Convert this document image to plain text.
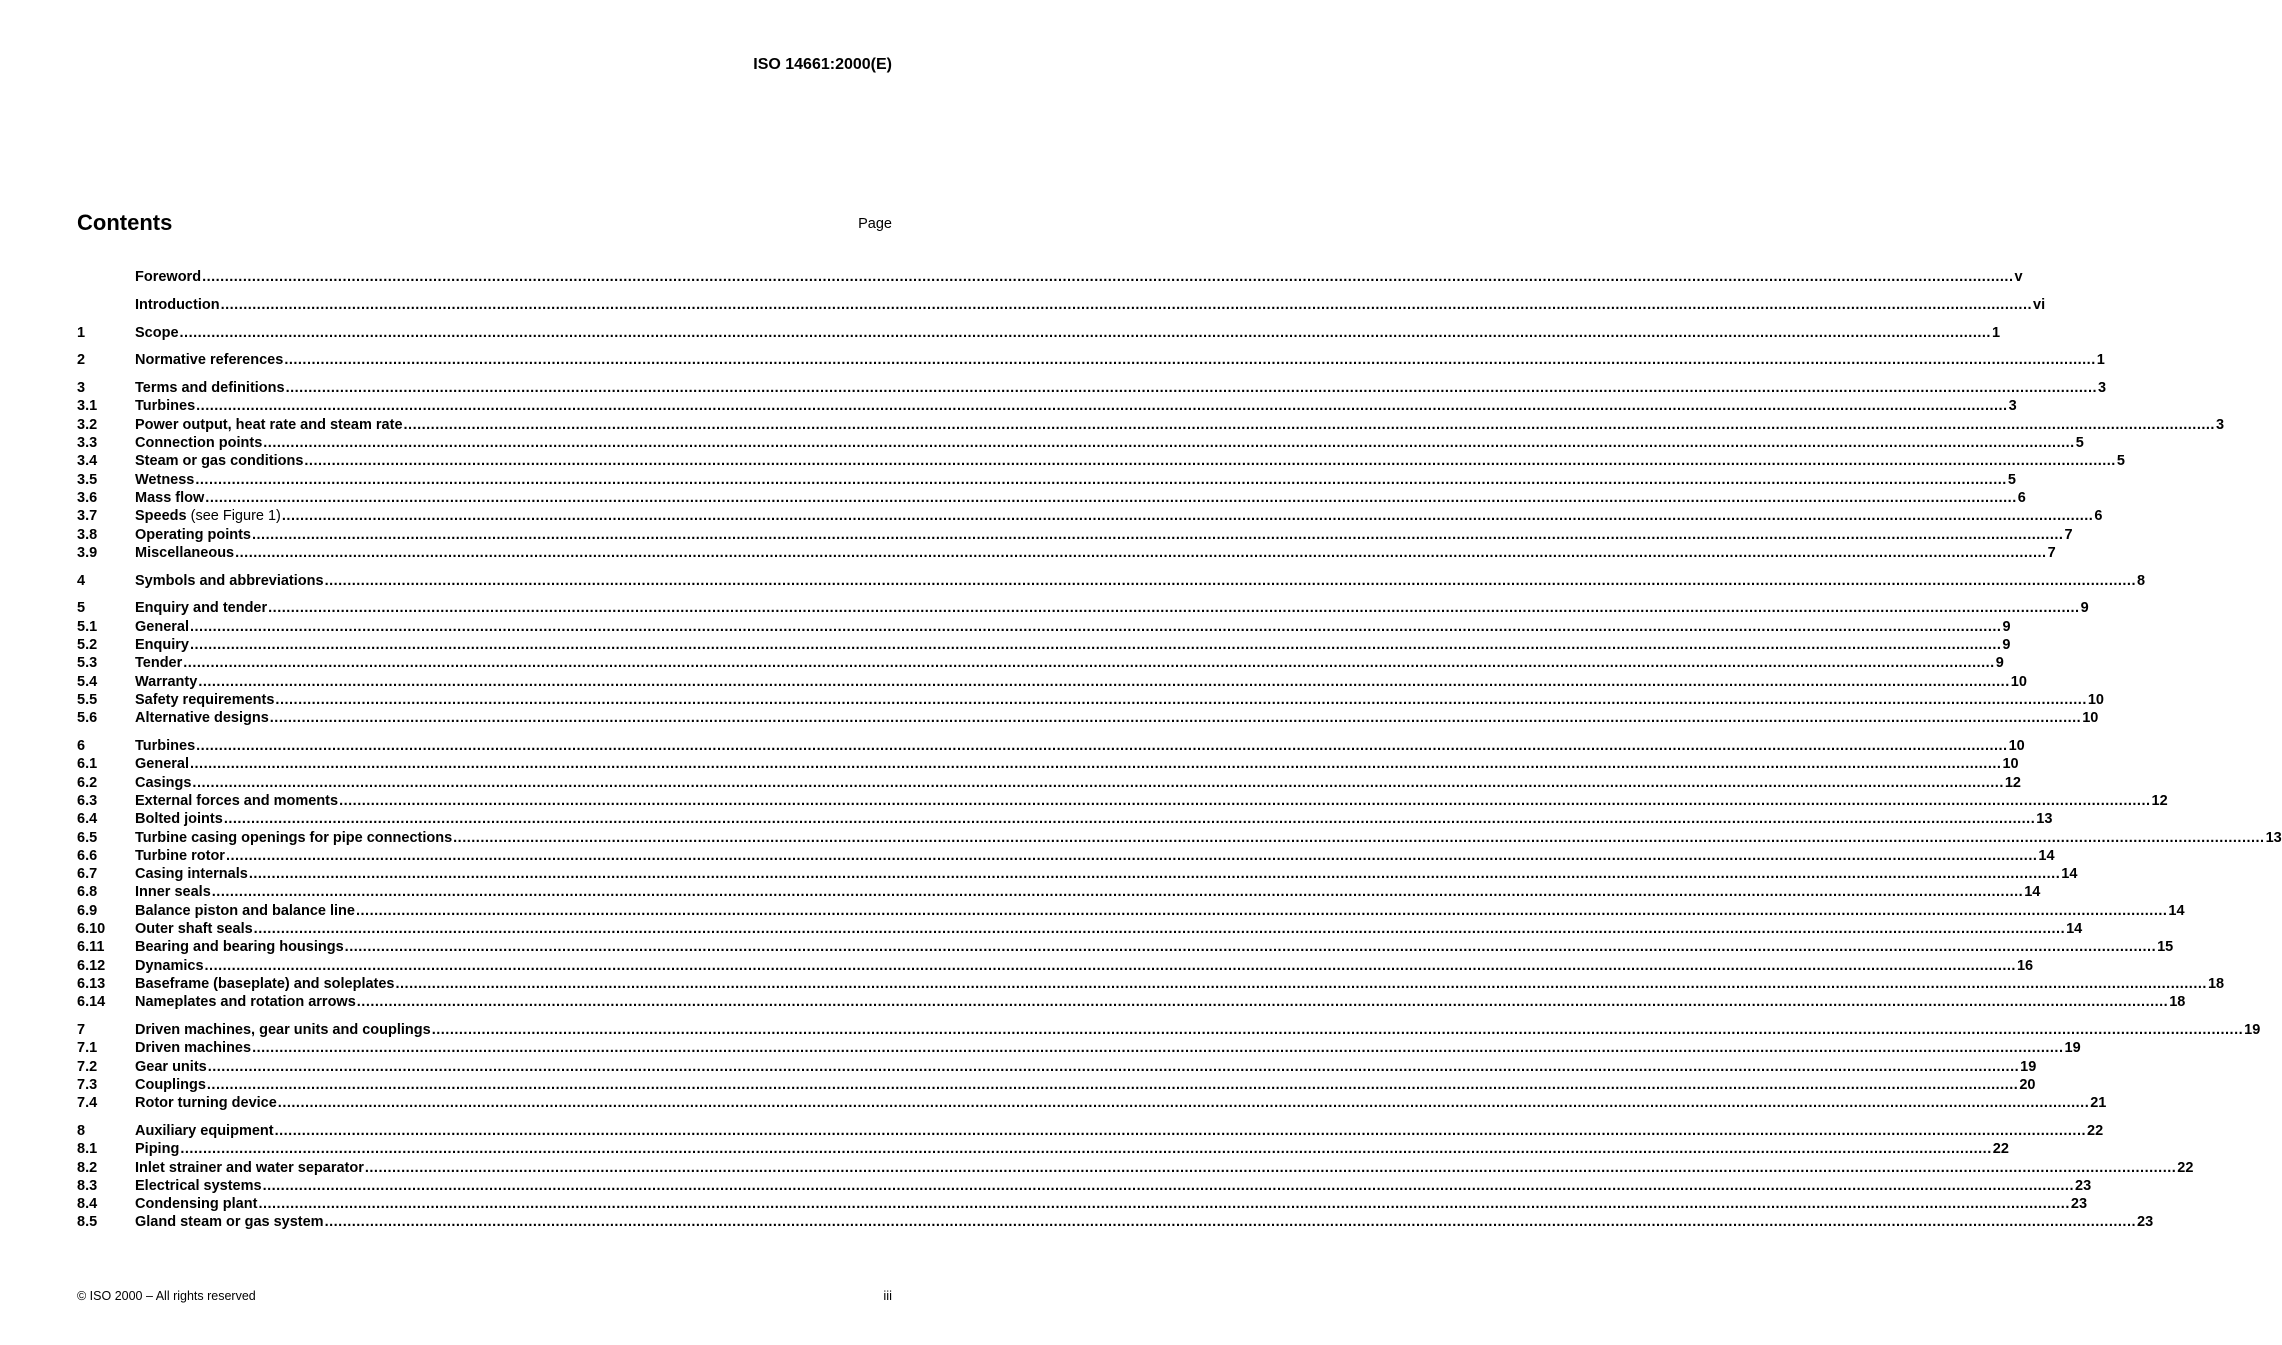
ISO 14661:2000(E)
Contents	Page
Foreword ................................................................................................................................................................................................................................................................................................................................................................................................................ v
Introduction ................................................................................................................................................................................................................................................................................................................................................................................................................ vi
1	Scope ................................................................................................................................................................................................................................................................................................................................................................................................................ 1
2	Normative references ................................................................................................................................................................................................................................................................................................................................................................................................................ 1
3	Terms and definitions ................................................................................................................................................................................................................................................................................................................................................................................................................ 3
3.1	Turbines ................................................................................................................................................................................................................................................................................................................................................................................................................ 3
3.2	Power output, heat rate and steam rate ................................................................................................................................................................................................................................................................................................................................................................................................................ 3
3.3	Connection points ................................................................................................................................................................................................................................................................................................................................................................................................................ 5
3.4	Steam or gas conditions ................................................................................................................................................................................................................................................................................................................................................................................................................ 5
3.5	Wetness ................................................................................................................................................................................................................................................................................................................................................................................................................ 5
3.6	Mass flow ................................................................................................................................................................................................................................................................................................................................................................................................................ 6
3.7	Speeds (see Figure 1) ................................................................................................................................................................................................................................................................................................................................................................................................................ 6
3.8	Operating points ................................................................................................................................................................................................................................................................................................................................................................................................................ 7
3.9	Miscellaneous ................................................................................................................................................................................................................................................................................................................................................................................................................ 7
4	Symbols and abbreviations ................................................................................................................................................................................................................................................................................................................................................................................................................ 8
5	Enquiry and tender ................................................................................................................................................................................................................................................................................................................................................................................................................ 9
5.1	General ................................................................................................................................................................................................................................................................................................................................................................................................................ 9
5.2	Enquiry ................................................................................................................................................................................................................................................................................................................................................................................................................ 9
5.3	Tender ................................................................................................................................................................................................................................................................................................................................................................................................................ 9
5.4	Warranty ................................................................................................................................................................................................................................................................................................................................................................................................................ 10
5.5	Safety requirements ................................................................................................................................................................................................................................................................................................................................................................................................................ 10
5.6	Alternative designs ................................................................................................................................................................................................................................................................................................................................................................................................................ 10
6	Turbines ................................................................................................................................................................................................................................................................................................................................................................................................................ 10
6.1	General ................................................................................................................................................................................................................................................................................................................................................................................................................ 10
6.2	Casings ................................................................................................................................................................................................................................................................................................................................................................................................................ 12
6.3	External forces and moments ................................................................................................................................................................................................................................................................................................................................................................................................................ 12
6.4	Bolted joints ................................................................................................................................................................................................................................................................................................................................................................................................................ 13
6.5	Turbine casing openings for pipe connections ................................................................................................................................................................................................................................................................................................................................................................................................................ 13
6.6	Turbine rotor ................................................................................................................................................................................................................................................................................................................................................................................................................ 14
6.7	Casing internals ................................................................................................................................................................................................................................................................................................................................................................................................................ 14
6.8	Inner seals ................................................................................................................................................................................................................................................................................................................................................................................................................ 14
6.9	Balance piston and balance line ................................................................................................................................................................................................................................................................................................................................................................................................................ 14
6.10	Outer shaft seals ................................................................................................................................................................................................................................................................................................................................................................................................................ 14
6.11	Bearing and bearing housings ................................................................................................................................................................................................................................................................................................................................................................................................................ 15
6.12	Dynamics ................................................................................................................................................................................................................................................................................................................................................................................................................ 16
6.13	Baseframe (baseplate) and soleplates ................................................................................................................................................................................................................................................................................................................................................................................................................ 18
6.14	Nameplates and rotation arrows ................................................................................................................................................................................................................................................................................................................................................................................................................ 18
7	Driven machines, gear units and couplings ................................................................................................................................................................................................................................................................................................................................................................................................................ 19
7.1	Driven machines ................................................................................................................................................................................................................................................................................................................................................................................................................ 19
7.2	Gear units ................................................................................................................................................................................................................................................................................................................................................................................................................ 19
7.3	Couplings ................................................................................................................................................................................................................................................................................................................................................................................................................ 20
7.4	Rotor turning device ................................................................................................................................................................................................................................................................................................................................................................................................................ 21
8	Auxiliary equipment ................................................................................................................................................................................................................................................................................................................................................................................................................ 22
8.1	Piping ................................................................................................................................................................................................................................................................................................................................................................................................................ 22
8.2	Inlet strainer and water separator ................................................................................................................................................................................................................................................................................................................................................................................................................ 22
8.3	Electrical systems ................................................................................................................................................................................................................................................................................................................................................................................................................ 23
8.4	Condensing plant ................................................................................................................................................................................................................................................................................................................................................................................................................ 23
8.5	Gland steam or gas system ................................................................................................................................................................................................................................................................................................................................................................................................................ 23
© ISO 2000 – All rights reserved	iii
